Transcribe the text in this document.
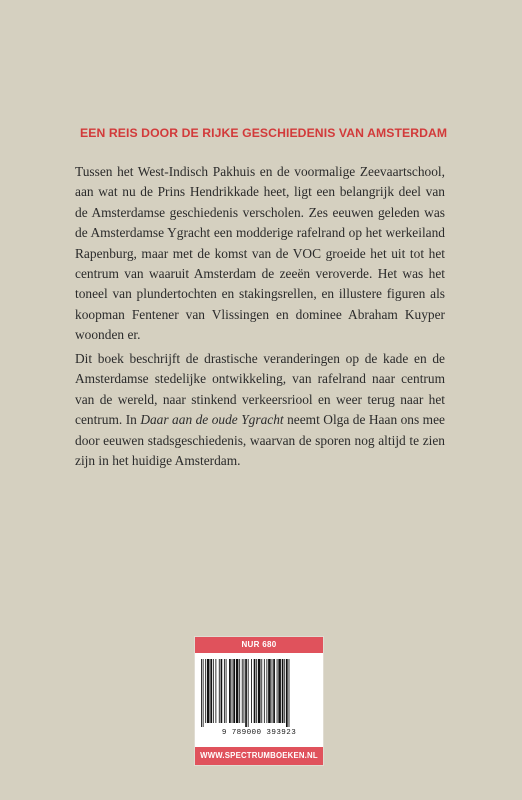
EEN REIS DOOR DE RIJKE GESCHIEDENIS VAN AMSTERDAM

Tussen het West-Indisch Pakhuis en de voormalige Zeevaartschool, aan wat nu de Prins Hendrikkade heet, ligt een belangrijk deel van de Amsterdamse geschiedenis verscholen. Zes eeuwen geleden was de Amsterdamse Ygracht een modderige rafelrand op het werkeiland Rapenburg, maar met de komst van de VOC groeide het uit tot het centrum van waaruit Amsterdam de zeeën veroverde. Het was het toneel van plundertochten en stakingsrellen, en illustere figuren als koopman Fentener van Vlissingen en dominee Abraham Kuyper woonden er.

Dit boek beschrijft de drastische veranderingen op de kade en de Amsterdamse stedelijke ontwikkeling, van rafelrand naar centrum van de wereld, naar stinkend verkeersriool en weer terug naar het centrum. In Daar aan de oude Ygracht neemt Olga de Haan ons mee door eeuwen stadsgeschiedenis, waarvan de sporen nog altijd te zien zijn in het huidige Amsterdam.

NUR 680
9 789000 393923
WWW.SPECTRUMBOEKEN.NL
